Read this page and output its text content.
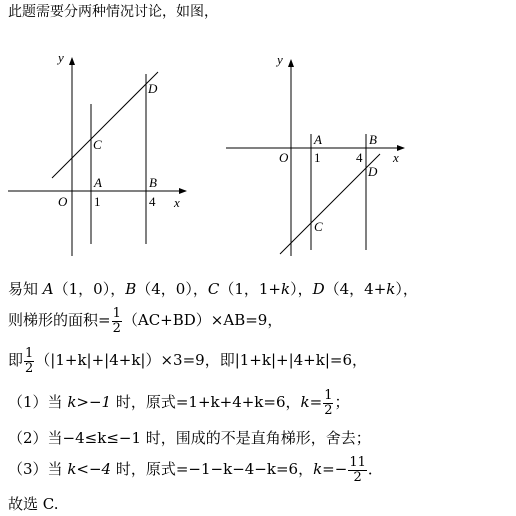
此题需要分两种情况讨论，如图，
y
x
O 1	4
A	B
C
D
y
x
O 1	4
A	B
C
D
易知 A（1，0），B（4，0），C（1，1+k），D（4，4+k），
则梯形的面积= $\frac{1}{2} (AC+BD)\times AB=9$，
即 $\frac{1}{2} (|1+k|+|4+k|)\times 3=9$，即|1+k|+|4+k|=6，
（1）当 k>−1 时，原式=1+k+4+k=6，$k= \frac{1}{2}$ ；
（2）当−4≤k≤−1 时，围成的不是直角梯形，舍去；
（3）当 k<−4 时，原式=−1−k−4−k=6，$k=- \frac{11}{2}$ ．
故选 C.
